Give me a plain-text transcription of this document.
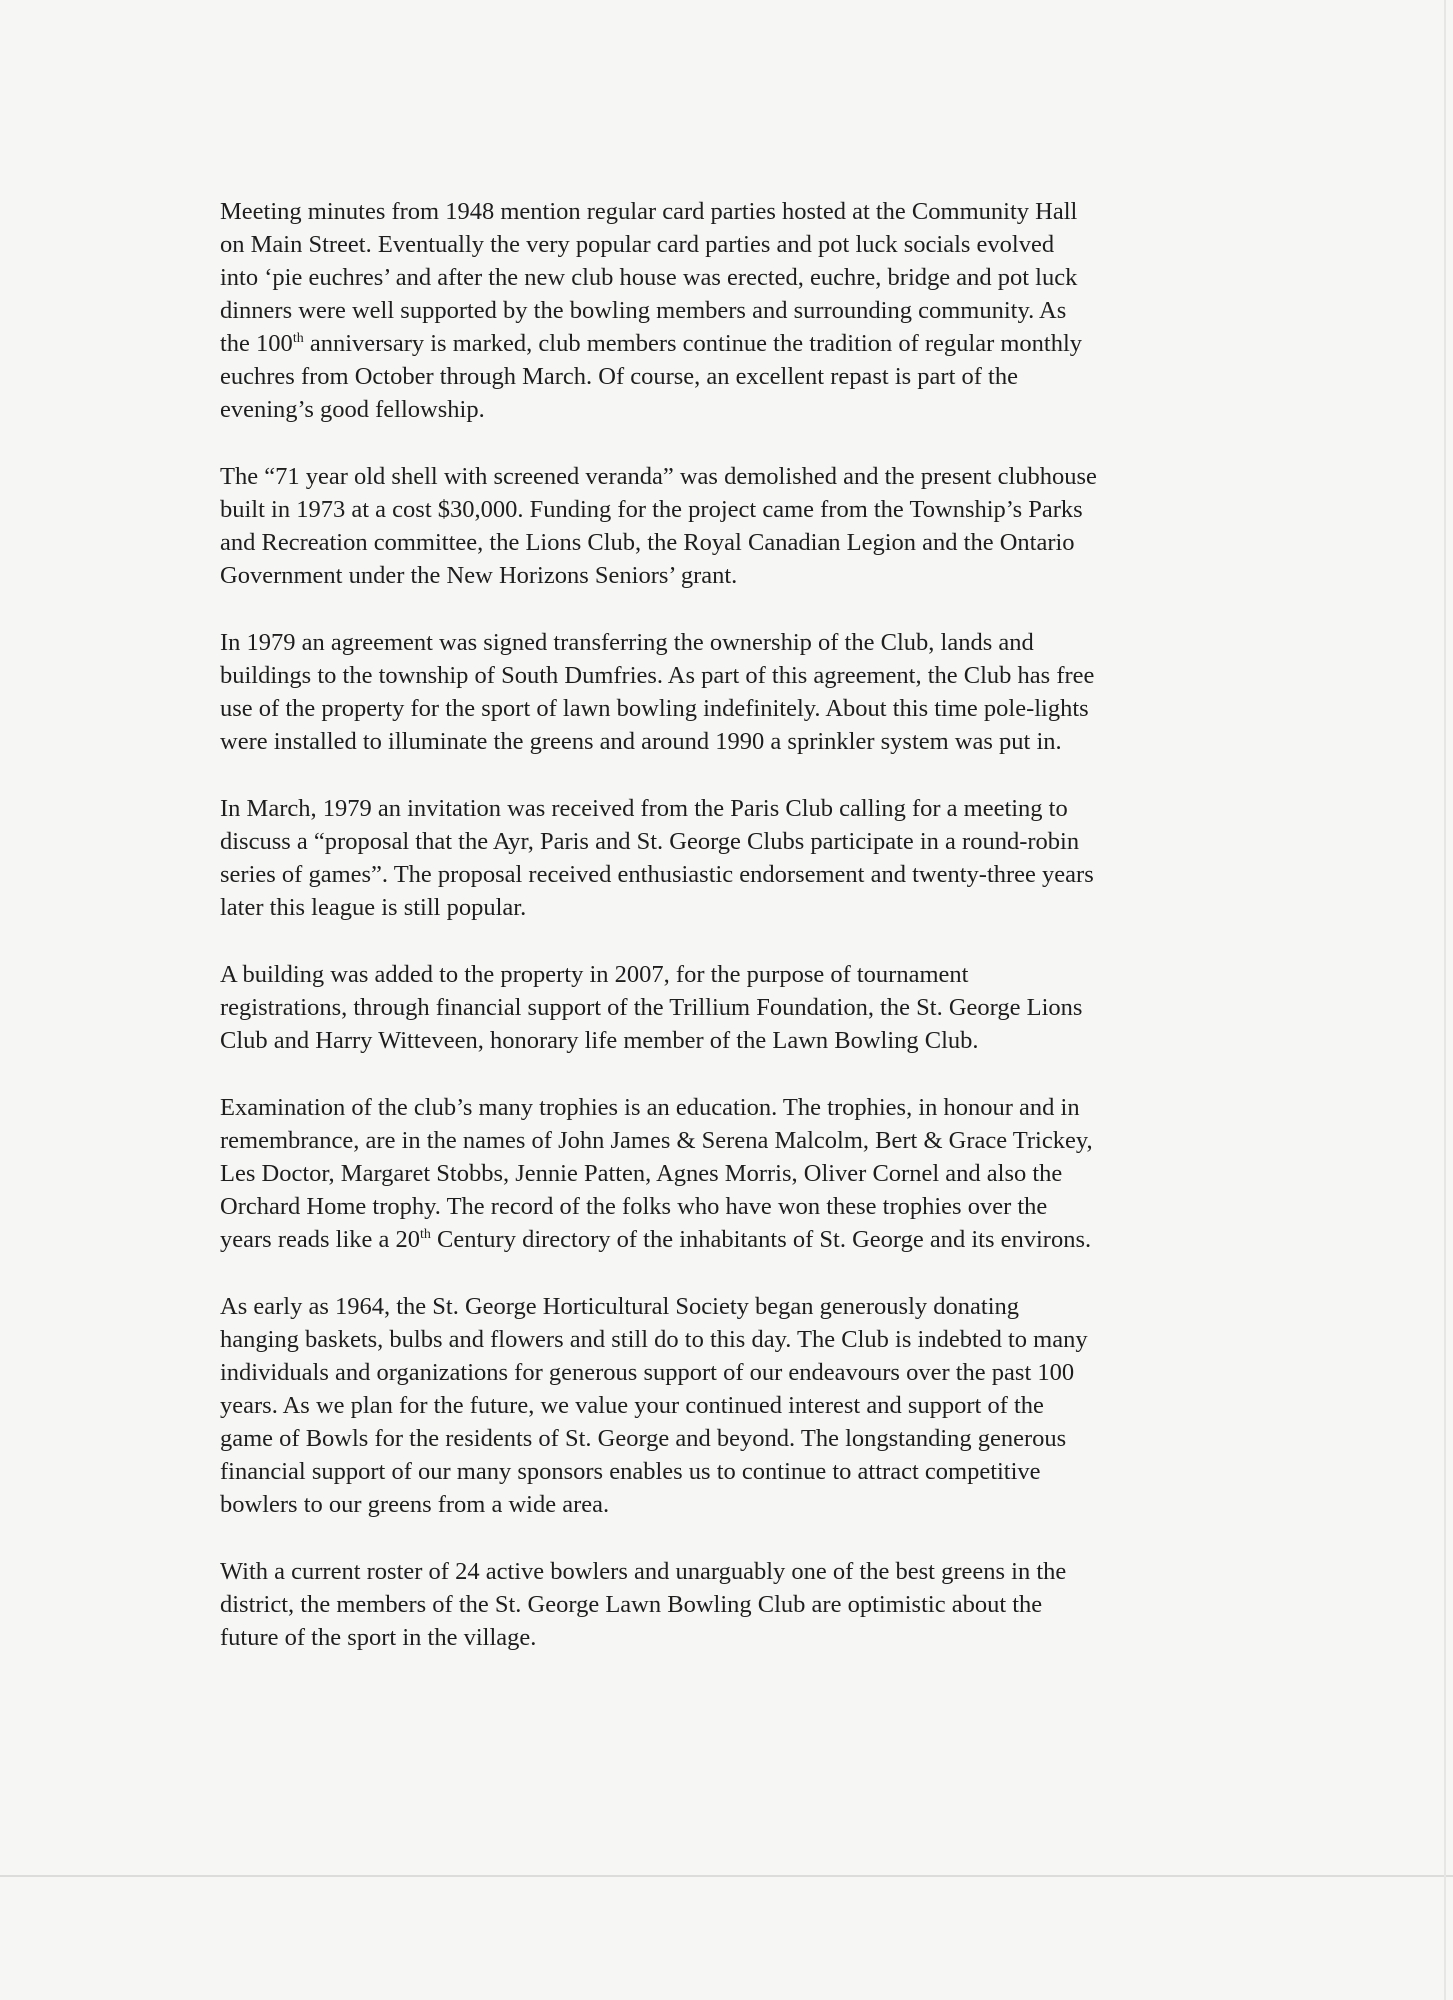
Meeting minutes from 1948 mention regular card parties hosted at the Community Hall
on Main Street. Eventually the very popular card parties and pot luck socials evolved
into ‘pie euchres’ and after the new club house was erected, euchre, bridge and pot luck
dinners were well supported by the bowling members and surrounding community. As
the 100th anniversary is marked, club members continue the tradition of regular monthly
euchres from October through March. Of course, an excellent repast is part of the
evening’s good fellowship.

The “71 year old shell with screened veranda” was demolished and the present clubhouse
built in 1973 at a cost $30,000. Funding for the project came from the Township’s Parks
and Recreation committee, the Lions Club, the Royal Canadian Legion and the Ontario
Government under the New Horizons Seniors’ grant.

In 1979 an agreement was signed transferring the ownership of the Club, lands and
buildings to the township of South Dumfries. As part of this agreement, the Club has free
use of the property for the sport of lawn bowling indefinitely. About this time pole-lights
were installed to illuminate the greens and around 1990 a sprinkler system was put in.

In March, 1979 an invitation was received from the Paris Club calling for a meeting to
discuss a “proposal that the Ayr, Paris and St. George Clubs participate in a round-robin
series of games”. The proposal received enthusiastic endorsement and twenty-three years
later this league is still popular.

A building was added to the property in 2007, for the purpose of tournament
registrations, through financial support of the Trillium Foundation, the St. George Lions
Club and Harry Witteveen, honorary life member of the Lawn Bowling Club.

Examination of the club’s many trophies is an education. The trophies, in honour and in
remembrance, are in the names of John James & Serena Malcolm, Bert & Grace Trickey,
Les Doctor, Margaret Stobbs, Jennie Patten, Agnes Morris, Oliver Cornel and also the
Orchard Home trophy. The record of the folks who have won these trophies over the
years reads like a 20th Century directory of the inhabitants of St. George and its environs.

As early as 1964, the St. George Horticultural Society began generously donating
hanging baskets, bulbs and flowers and still do to this day. The Club is indebted to many
individuals and organizations for generous support of our endeavours over the past 100
years. As we plan for the future, we value your continued interest and support of the
game of Bowls for the residents of St. George and beyond. The longstanding generous
financial support of our many sponsors enables us to continue to attract competitive
bowlers to our greens from a wide area.

With a current roster of 24 active bowlers and unarguably one of the best greens in the
district, the members of the St. George Lawn Bowling Club are optimistic about the
future of the sport in the village.
